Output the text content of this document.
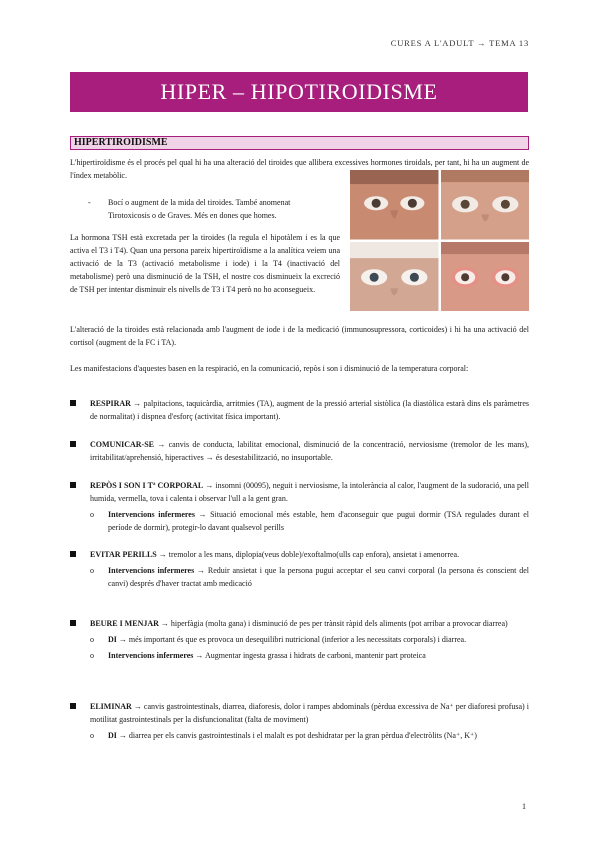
CURES A L'ADULT → TEMA 13
HIPER – HIPOTIROIDISME
HIPERTIROIDISME

L'hipertiroïdisme és el procés pel qual hi ha una alteració del tiroides que allibera excessives hormones tiroidals, per tant, hi ha un augment de l'índex metabòlic.

-	Bocí o augment de la mida del tiroides. També anomenat Tirotoxicosis o de Graves. Més en dones que homes.

La hormona TSH està excretada per la tiroides (la regula el hipotàlem i es la que activa el T3 i T4). Quan una persona pareix hipertiroïdisme a la analítica veiem una activació de la T3 (activació metabolisme i iode) i la T4 (inactivació del metabolisme) però una disminució de la TSH, el nostre cos disminueix la excreció de TSH per intentar disminuir els nivells de T3 i T4 però no ho aconsegueix.

L'alteració de la tiroides està relacionada amb l'augment de iode i de la medicació (immunosupressora, corticoides) i hi ha una activació del cortisol (augment de la FC i TA).

Les manifestacions d'aquestes basen en la respiració, en la comunicació, repòs i son i disminució de la temperatura corporal:

RESPIRAR → palpitacions, taquicàrdia, arritmies (TA), augment de la pressió arterial sistòlica (la diastòlica estarà dins els paràmetres de normalitat) i dispnea d'esforç (activitat física important).
COMUNICAR-SE → canvis de conducta, labilitat emocional, disminució de la concentració, nerviosisme (tremolor de les mans), irritabilitat/aprehensió, hiperactives → és desestabilització, no insuportable.
REPÒS I SON I Tª CORPORAL → insomni (00095), neguit i nerviosisme, la intolerància al calor, l'augment de la sudoració, una pell humida, vermella, tova i calenta i observar l'ull a la gent gran.
o	Intervencions infermeres → Situació emocional més estable, hem d'aconseguir que pugui dormir (TSA regulades durant el període de dormir), protegir-lo davant qualsevol perills
EVITAR PERILLS → tremolor a les mans, diplopia(veus doble)/exoftalmo(ulls cap enfora), ansietat i amenorrea.
o	Intervencions infermeres → Reduir ansietat i que la persona pugui acceptar el seu canvi corporal (la persona és conscient del canvi) després d'haver tractat amb medicació
BEURE I MENJAR → hiperfàgia (molta gana) i disminució de pes per trànsit ràpid dels aliments (pot arribar a provocar diarrea)
o	DI → més important és que es provoca un desequilibri nutricional (inferior a les necessitats corporals) i diarrea.
o	Intervencions infermeres → Augmentar ingesta grassa i hidrats de carboni, mantenir part proteica
ELIMINAR → canvis gastrointestinals, diarrea, diaforesis, dolor i rampes abdominals (pèrdua excessiva de Na⁺ per diaforesi profusa) i motilitat gastrointestinals per la disfuncionalitat (falta de moviment)
o	DI → diarrea per els canvis gastrointestinals i el malalt es pot deshidratar per la gran pèrdua d'electròlits (Na⁺, K⁺)
1
